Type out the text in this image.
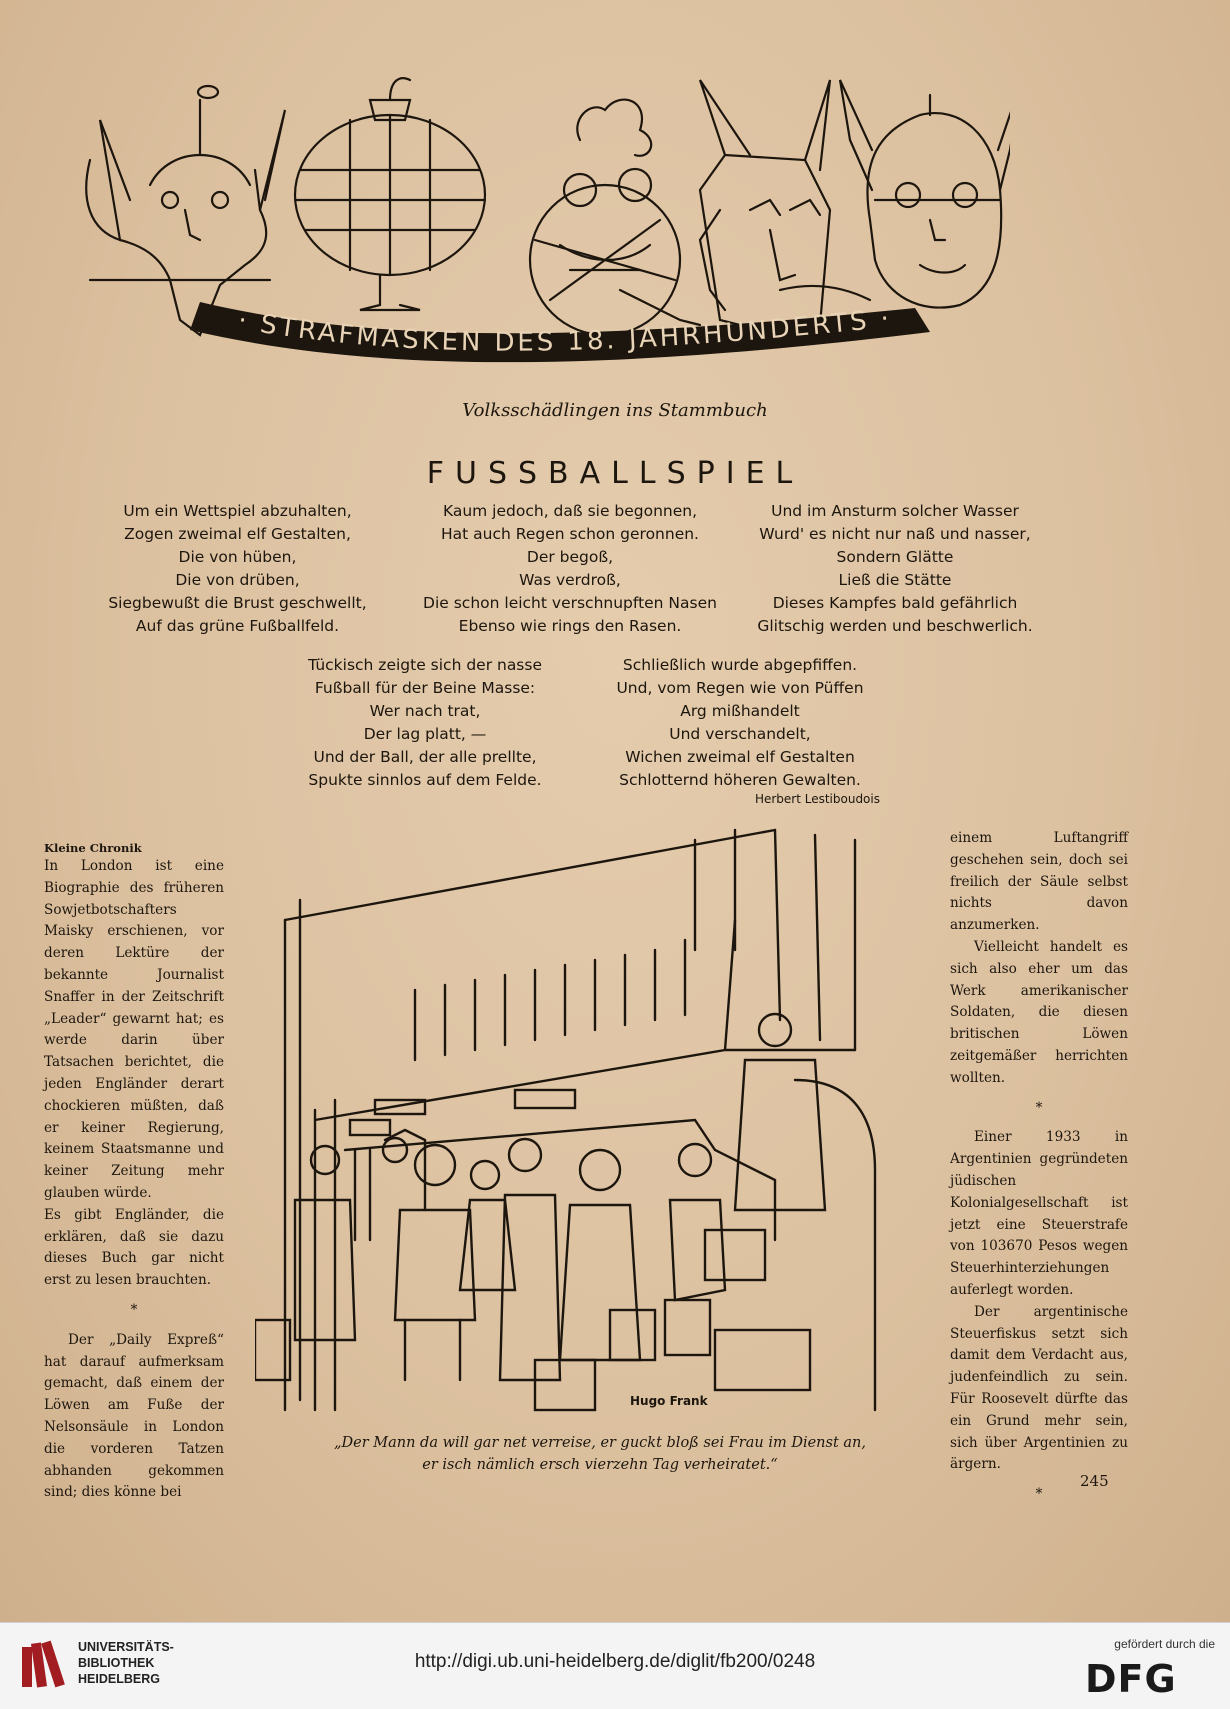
· STRAFMASKEN DES 18. JAHRHUNDERTS ·
Volksschädlingen ins Stammbuch
FUSSBALLSPIEL
Um ein Wettspiel abzuhalten,
Zogen zweimal elf Gestalten,
Die von hüben,
Die von drüben,
Siegbewußt die Brust geschwellt,
Auf das grüne Fußballfeld.
Kaum jedoch, daß sie begonnen,
Hat auch Regen schon geronnen.
Der begoß,
Was verdroß,
Die schon leicht verschnupften Nasen
Ebenso wie rings den Rasen.
Und im Ansturm solcher Wasser
Wurd' es nicht nur naß und nasser,
Sondern Glätte
Ließ die Stätte
Dieses Kampfes bald gefährlich
Glitschig werden und beschwerlich.
Tückisch zeigte sich der nasse
Fußball für der Beine Masse:
Wer nach trat,
Der lag platt, —
Und der Ball, der alle prellte,
Spukte sinnlos auf dem Felde.
Schließlich wurde abgepfiffen.
Und, vom Regen wie von Püffen
Arg mißhandelt
Und verschandelt,
Wichen zweimal elf Gestalten
Schlotternd höheren Gewalten.
Herbert Lestiboudois

Kleine Chronik

In London ist eine Biographie des früheren Sowjetbotschafters Maisky erschienen, vor deren Lektüre der bekannte Journalist Snaffer in der Zeitschrift „Leader“ gewarnt hat; es werde darin über Tatsachen berichtet, die jeden Engländer derart chockieren müßten, daß er keiner Regierung, keinem Staatsmanne und keiner Zeitung mehr glauben würde.

Es gibt Engländer, die erklären, daß sie dazu dieses Buch gar nicht erst zu lesen brauchten.

*

Der „Daily Expreß“ hat darauf aufmerksam gemacht, daß einem der Löwen am Fuße der Nelsonsäule in London die vorderen Tatzen abhanden gekommen sind; dies könne bei

einem Luftangriff geschehen sein, doch sei freilich der Säule selbst nichts davon anzumerken.

Vielleicht handelt es sich also eher um das Werk amerikanischer Soldaten, die diesen britischen Löwen zeitgemäßer herrichten wollten.

*

Einer 1933 in Argentinien gegründeten jüdischen Kolonialgesellschaft ist jetzt eine Steuerstrafe von 103670 Pesos wegen Steuerhinterziehungen auferlegt worden.

Der argentinische Steuerfiskus setzt sich damit dem Verdacht aus, judenfeindlich zu sein. Für Roosevelt dürfte das ein Grund mehr sein, sich über Argentinien zu ärgern.

*

Hugo Frank
„Der Mann da will gar net verreise, er guckt bloß sei Frau im Dienst an, er isch nämlich ersch vierzehn Tag verheiratet.“
245
UNIVERSITÄTS-
BIBLIOTHEK
HEIDELBERG
http://digi.ub.uni-heidelberg.de/diglit/fb200/0248
gefördert durch die
DFG
